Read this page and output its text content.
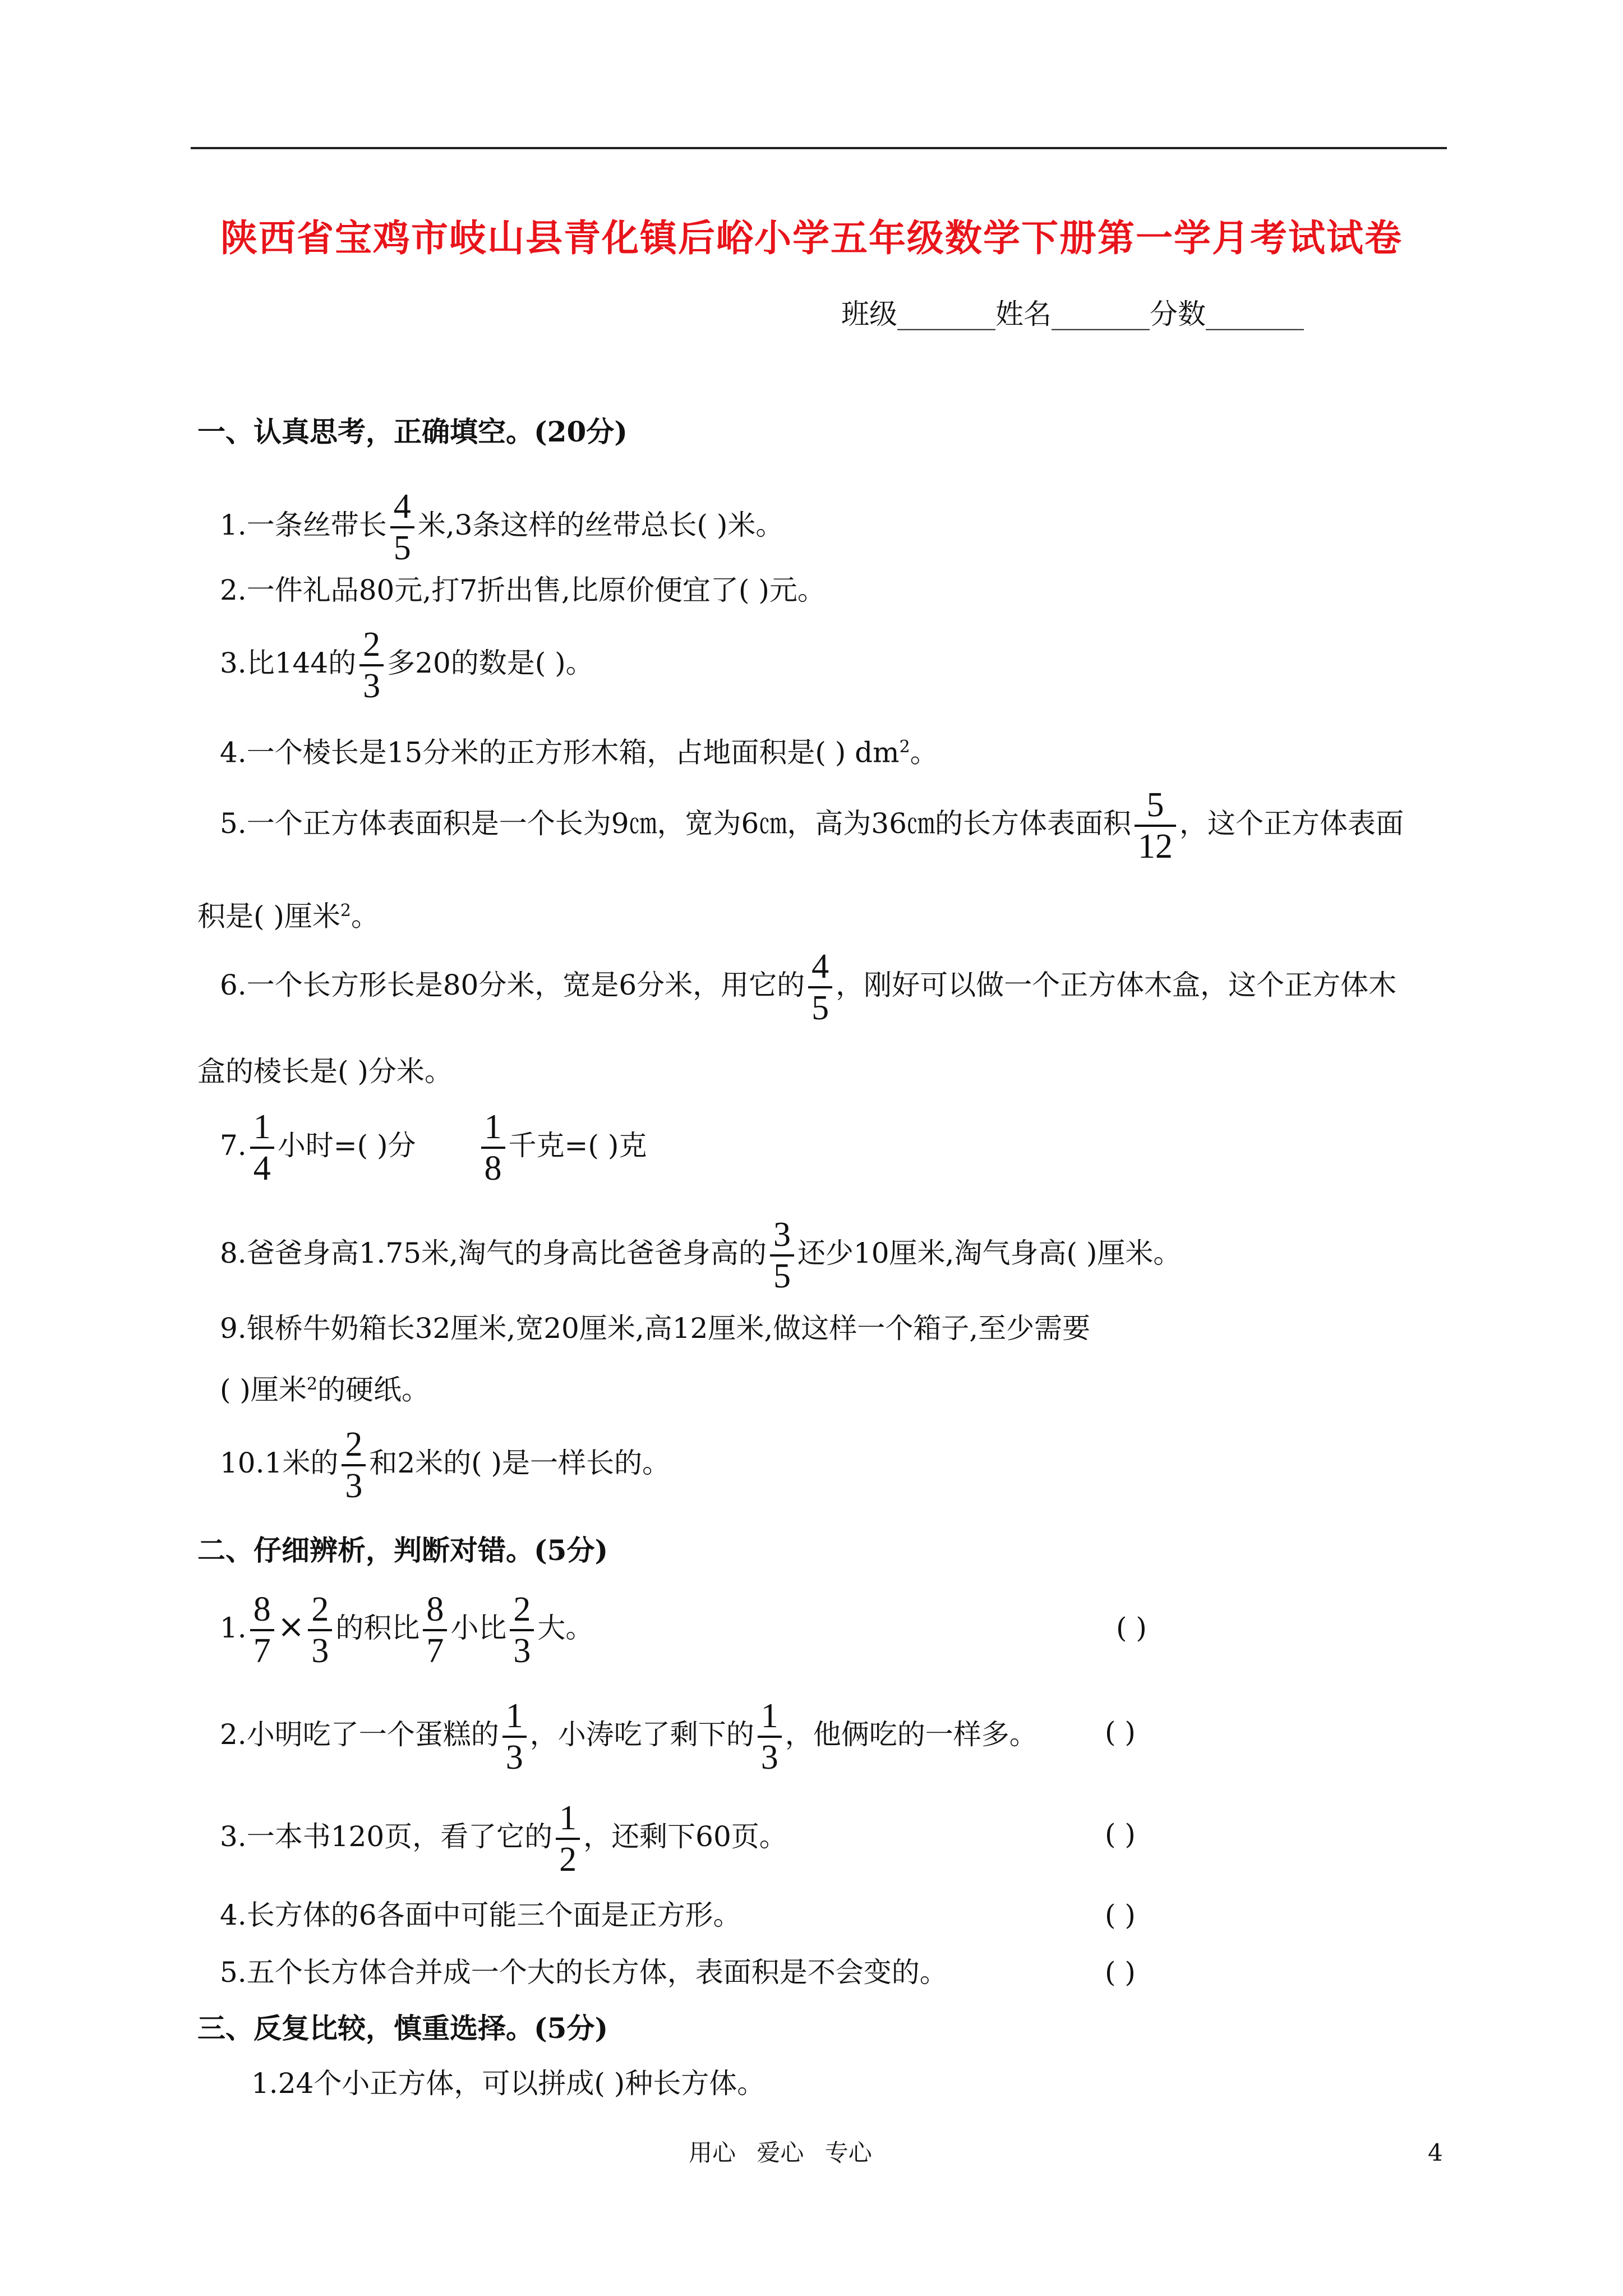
陕西省宝鸡市岐山县青化镇后峪小学五年级数学下册第一学月考试试卷
班级_______姓名_______分数_______
一、认真思考，正确填空。(20分)
1.一条丝带长 $\frac{4}{5}$ 米,3条这样的丝带总长( )米。
2.一件礼品80元,打7折出售,比原价便宜了( )元。
3.比144的 $\frac{2}{3}$ 多20的数是( )。
4.一个棱长是15分米的正方形木箱，占地面积是( ) $dm^2$。
5.一个正方体表面积是一个长为9㎝，宽为6㎝，高为36㎝的长方体表面积 $\frac{5}{12}$ ，这个正方体表面
积是( )厘米$^2$。
6.一个长方形长是80分米，宽是6分米，用它的 $\frac{4}{5}$ ，刚好可以做一个正方体木盒，这个正方体木
盒的棱长是( )分米。
7. $\frac{1}{4}$ 小时=( )分 $\frac{1}{8}$ 千克=( )克
8.爸爸身高1.75米,淘气的身高比爸爸身高的 $\frac{3}{5}$ 还少10厘米,淘气身高( )厘米。
9.银桥牛奶箱长32厘米,宽20厘米,高12厘米,做这样一个箱子,至少需要
( )厘米$^2$的硬纸。
10.1米的 $\frac{2}{3}$ 和2米的( )是一样长的。
二、仔细辨析，判断对错。(5分)
1. $\frac{8}{7} \times \frac{2}{3}$ 的积比 $\frac{8}{7}$ 小比 $\frac{2}{3}$ 大。	( )
2.小明吃了一个蛋糕的 $\frac{1}{3}$ ，小涛吃了剩下的 $\frac{1}{3}$ ，他俩吃的一样多。 ( )
3.一本书120页，看了它的 $\frac{1}{2}$ ，还剩下60页。	( )
4.长方体的6各面中可能三个面是正方形。	( )
5.五个长方体合并成一个大的长方体，表面积是不会变的。	( )
三、反复比较，慎重选择。(5分)
1.24个小正方体，可以拼成( )种长方体。
用心 爱心 专心	4
